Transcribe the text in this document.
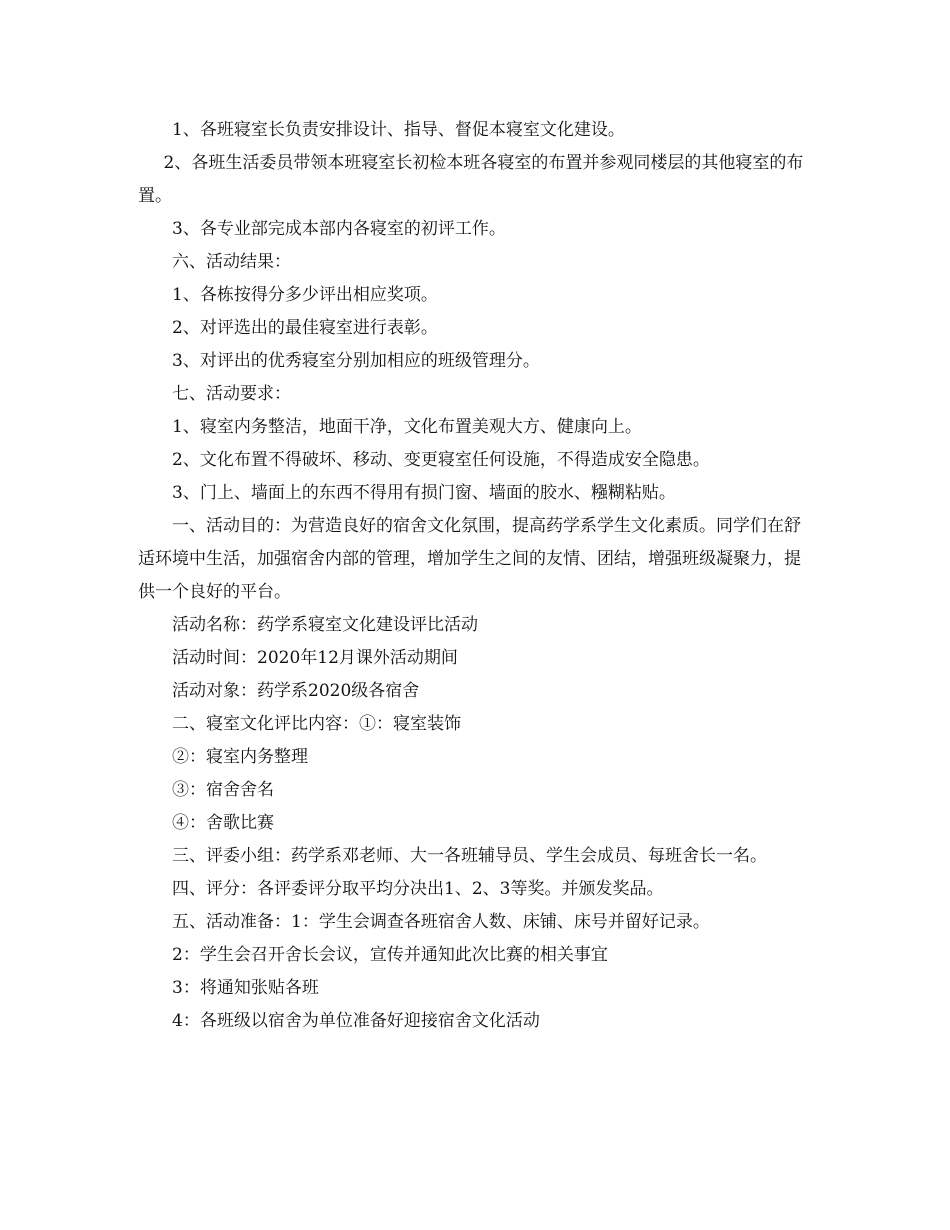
1、各班寝室长负责安排设计、指导、督促本寝室文化建设。

2、各班生活委员带领本班寝室长初检本班各寝室的布置并参观同楼层的其他寝室的布置。

3、各专业部完成本部内各寝室的初评工作。

六、活动结果：

1、各栋按得分多少评出相应奖项。

2、对评选出的最佳寝室进行表彰。

3、对评出的优秀寝室分别加相应的班级管理分。

七、活动要求：

1、寝室内务整洁，地面干净，文化布置美观大方、健康向上。

2、文化布置不得破坏、移动、变更寝室任何设施，不得造成安全隐患。

3、门上、墙面上的东西不得用有损门窗、墙面的胶水、糨糊粘贴。

一、活动目的：为营造良好的宿舍文化氛围，提高药学系学生文化素质。同学们在舒适环境中生活，加强宿舍内部的管理，增加学生之间的友情、团结，增强班级凝聚力，提供一个良好的平台。

活动名称：药学系寝室文化建设评比活动

活动时间：2020年12月课外活动期间

活动对象：药学系2020级各宿舍

二、寝室文化评比内容：①：寝室装饰

②：寝室内务整理

③：宿舍舍名

④：舍歌比赛

三、评委小组：药学系邓老师、大一各班辅导员、学生会成员、每班舍长一名。

四、评分：各评委评分取平均分决出1、2、3等奖。并颁发奖品。

五、活动准备：1：学生会调查各班宿舍人数、床铺、床号并留好记录。

2：学生会召开舍长会议，宣传并通知此次比赛的相关事宜

3：将通知张贴各班

4：各班级以宿舍为单位准备好迎接宿舍文化活动
